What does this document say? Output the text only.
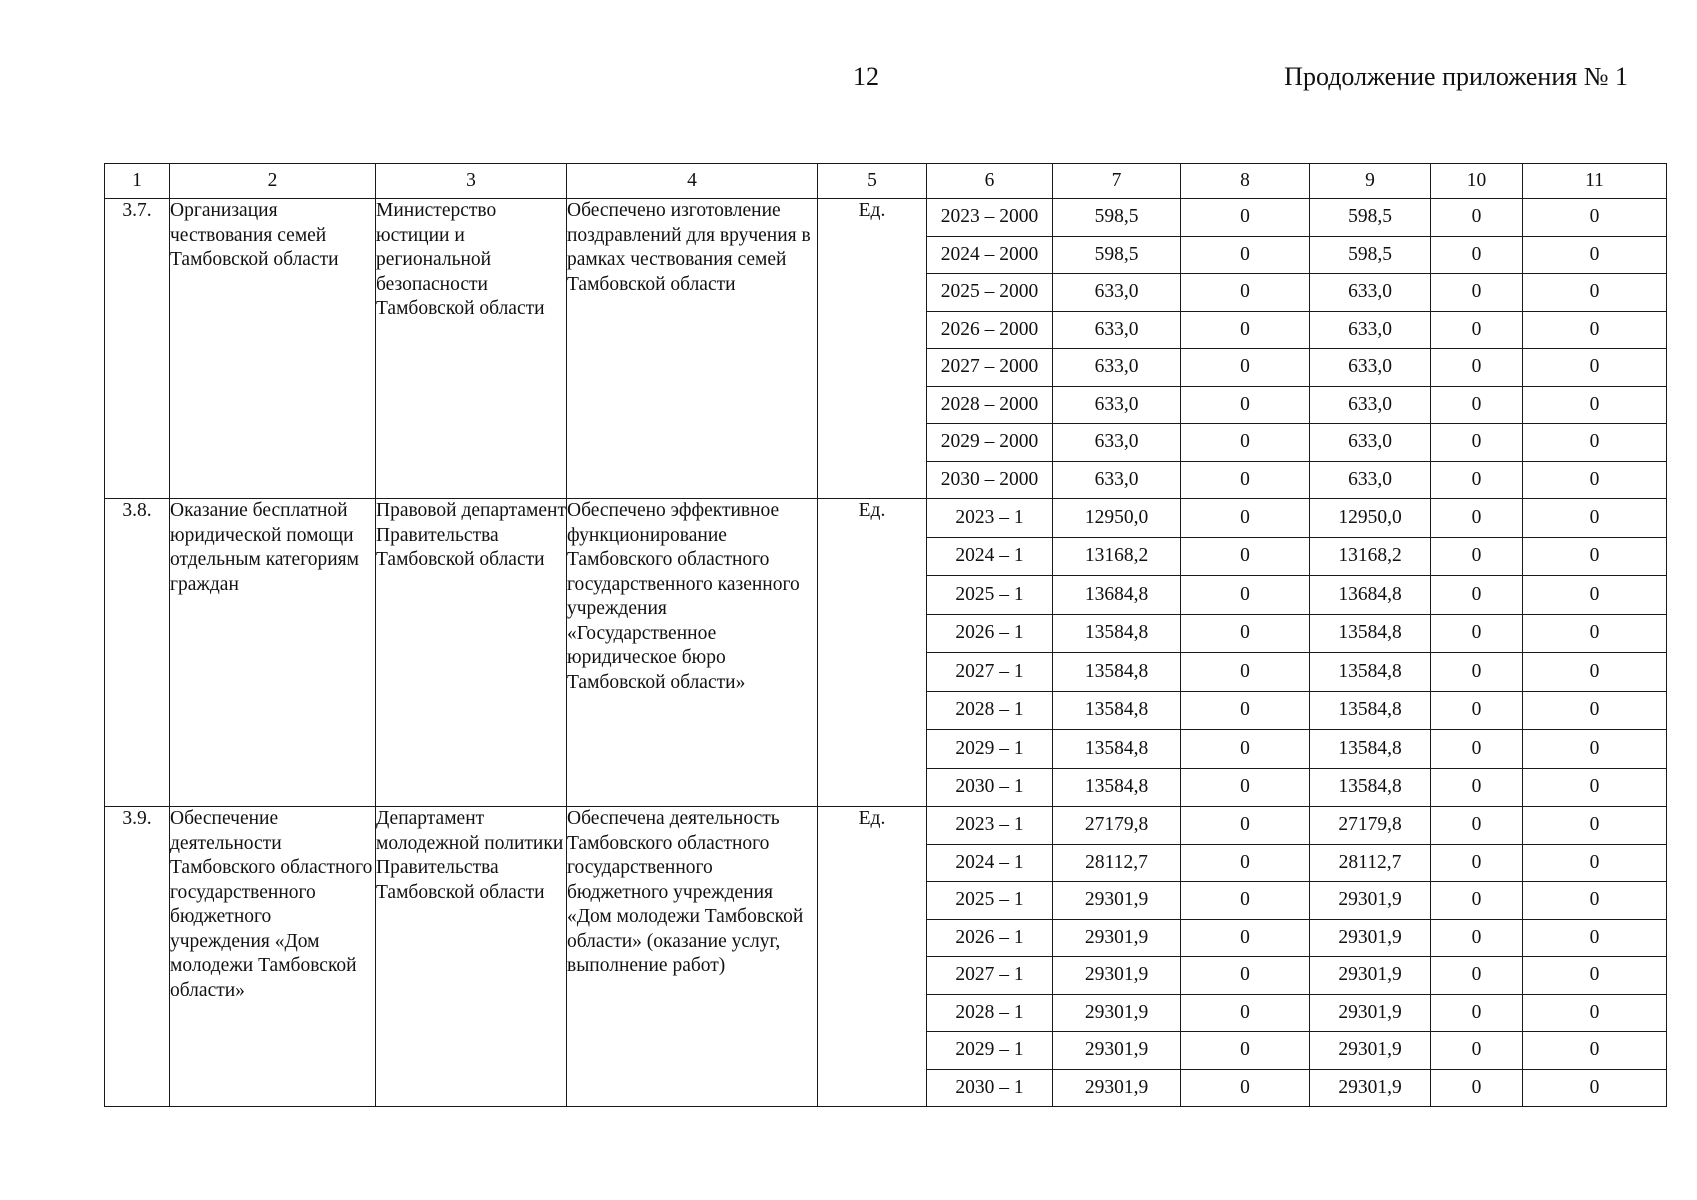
12	Продолжение приложения № 1
1	2	3	4	5	6	7	8	9	10	11
3.7.	Организация чествования семей Тамбовской области	Министерство юстиции и региональной безопасности Тамбовской области	Обеспечено изготовление поздравлений для вручения в рамках чествования семей Тамбовской области	Ед.	2023 – 2000	598,5	0	598,5	0	0
					2024 – 2000	598,5	0	598,5	0	0
					2025 – 2000	633,0	0	633,0	0	0
					2026 – 2000	633,0	0	633,0	0	0
					2027 – 2000	633,0	0	633,0	0	0
					2028 – 2000	633,0	0	633,0	0	0
					2029 – 2000	633,0	0	633,0	0	0
					2030 – 2000	633,0	0	633,0	0	0
3.8.	Оказание бесплатной юридической помощи отдельным категориям граждан	Правовой департамент Правительства Тамбовской области	Обеспечено эффективное функционирование Тамбовского областного государственного казенного учреждения «Государственное юридическое бюро Тамбовской области»	Ед.	2023 – 1	12950,0	0	12950,0	0	0
					2024 – 1	13168,2	0	13168,2	0	0
					2025 – 1	13684,8	0	13684,8	0	0
					2026 – 1	13584,8	0	13584,8	0	0
					2027 – 1	13584,8	0	13584,8	0	0
					2028 – 1	13584,8	0	13584,8	0	0
					2029 – 1	13584,8	0	13584,8	0	0
					2030 – 1	13584,8	0	13584,8	0	0
3.9.	Обеспечение деятельности Тамбовского областного государственного бюджетного учреждения «Дом молодежи Тамбовской области»	Департамент молодежной политики Правительства Тамбовской области	Обеспечена деятельность Тамбовского областного государственного бюджетного учреждения «Дом молодежи Тамбовской области» (оказание услуг, выполнение работ)	Ед.	2023 – 1	27179,8	0	27179,8	0	0
					2024 – 1	28112,7	0	28112,7	0	0
					2025 – 1	29301,9	0	29301,9	0	0
					2026 – 1	29301,9	0	29301,9	0	0
					2027 – 1	29301,9	0	29301,9	0	0
					2028 – 1	29301,9	0	29301,9	0	0
					2029 – 1	29301,9	0	29301,9	0	0
					2030 – 1	29301,9	0	29301,9	0	0
